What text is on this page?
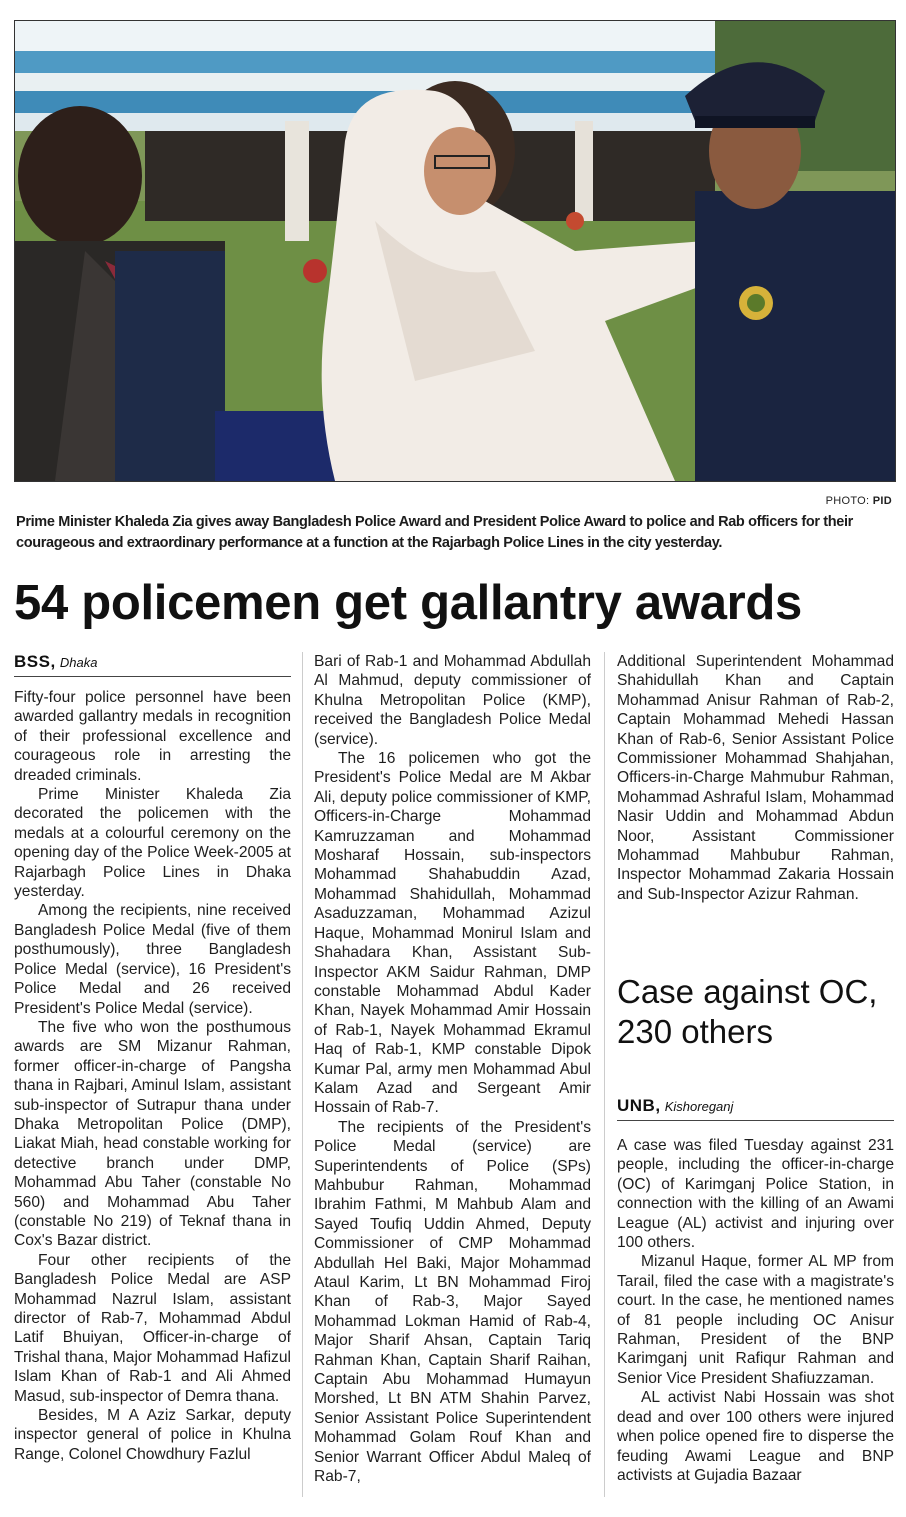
PHOTO: PID
Prime Minister Khaleda Zia gives away Bangladesh Police Award and President Police Award to police and Rab officers for their courageous and extraordinary performance at a function at the Rajarbagh Police Lines in the city yesterday.
54 policemen get gallantry awards
BSS, Dhaka

Fifty-four police personnel have been awarded gallantry medals in recognition of their professional excellence and courageous role in arresting the dreaded criminals.

Prime Minister Khaleda Zia decorated the policemen with the medals at a colourful ceremony on the opening day of the Police Week-2005 at Rajarbagh Police Lines in Dhaka yesterday.

Among the recipients, nine received Bangladesh Police Medal (five of them posthumously), three Bangladesh Police Medal (service), 16 President's Police Medal and 26 received President's Police Medal (service).

The five who won the posthumous awards are SM Mizanur Rahman, former officer-in-charge of Pangsha thana in Rajbari, Aminul Islam, assistant sub-inspector of Sutrapur thana under Dhaka Metropolitan Police (DMP), Liakat Miah, head constable working for detective branch under DMP, Mohammad Abu Taher (constable No 560) and Mohammad Abu Taher (constable No 219) of Teknaf thana in Cox's Bazar district.

Four other recipients of the Bangladesh Police Medal are ASP Mohammad Nazrul Islam, assistant director of Rab-7, Mohammad Abdul Latif Bhuiyan, Officer-in-charge of Trishal thana, Major Mohammad Hafizul Islam Khan of Rab-1 and Ali Ahmed Masud, sub-inspector of Demra thana.

Besides, M A Aziz Sarkar, deputy inspector general of police in Khulna Range, Colonel Chowdhury Fazlul

Bari of Rab-1 and Mohammad Abdullah Al Mahmud, deputy commissioner of Khulna Metropolitan Police (KMP), received the Bangladesh Police Medal (service).

The 16 policemen who got the President's Police Medal are M Akbar Ali, deputy police commissioner of KMP, Officers-in-Charge Mohammad Kamruzzaman and Mohammad Mosharaf Hossain, sub-inspectors Mohammad Shahabuddin Azad, Mohammad Shahidullah, Mohammad Asaduzzaman, Mohammad Azizul Haque, Mohammad Monirul Islam and Shahadara Khan, Assistant Sub-Inspector AKM Saidur Rahman, DMP constable Mohammad Abdul Kader Khan, Nayek Mohammad Amir Hossain of Rab-1, Nayek Mohammad Ekramul Haq of Rab-1, KMP constable Dipok Kumar Pal, army men Mohammad Abul Kalam Azad and Sergeant Amir Hossain of Rab-7.

The recipients of the President's Police Medal (service) are Superintendents of Police (SPs) Mahbubur Rahman, Mohammad Ibrahim Fathmi, M Mahbub Alam and Sayed Toufiq Uddin Ahmed, Deputy Commissioner of CMP Mohammad Abdullah Hel Baki, Major Mohammad Ataul Karim, Lt BN Mohammad Firoj Khan of Rab-3, Major Sayed Mohammad Lokman Hamid of Rab-4, Major Sharif Ahsan, Captain Tariq Rahman Khan, Captain Sharif Raihan, Captain Abu Mohammad Humayun Morshed, Lt BN ATM Shahin Parvez, Senior Assistant Police Superintendent Mohammad Golam Rouf Khan and Senior Warrant Officer Abdul Maleq of Rab-7,

Additional Superintendent Mohammad Shahidullah Khan and Captain Mohammad Anisur Rahman of Rab-2, Captain Mohammad Mehedi Hassan Khan of Rab-6, Senior Assistant Police Commissioner Mohammad Shahjahan, Officers-in-Charge Mahmubur Rahman, Mohammad Ashraful Islam, Mohammad Nasir Uddin and Mohammad Abdun Noor, Assistant Commissioner Mohammad Mahbubur Rahman, Inspector Mohammad Zakaria Hossain and Sub-Inspector Azizur Rahman.

Case against OC, 230 others
UNB, Kishoreganj

A case was filed Tuesday against 231 people, including the officer-in-charge (OC) of Karimganj Police Station, in connection with the killing of an Awami League (AL) activist and injuring over 100 others.

Mizanul Haque, former AL MP from Tarail, filed the case with a magistrate's court. In the case, he mentioned names of 81 people including OC Anisur Rahman, President of the BNP Karimganj unit Rafiqur Rahman and Senior Vice President Shafiuzzaman.

AL activist Nabi Hossain was shot dead and over 100 others were injured when police opened fire to disperse the feuding Awami League and BNP activists at Gujadia Bazaar
